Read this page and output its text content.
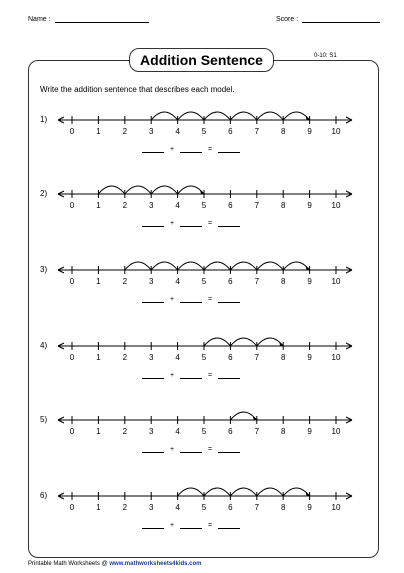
Name :	Score :
Addition Sentence	0-10: S1
Write the addition sentence that describes each model.
1)
0	1	2	3	4	5	6	7	8	9 10
+	=
2)
0	1	2	3	4	5	6	7	8	9 10
+	=
3)
0	1	2	3	4	5	6	7	8	9 10
+	=
4)
0	1	2	3	4	5	6	7	8	9 10
+	=
5)
0	1	2	3	4	5	6	7	8	9 10
+	=
6)
0	1	2	3	4	5	6	7	8	9 10
+	=
Printable Math Worksheets @ www.mathworksheets4kids.com
